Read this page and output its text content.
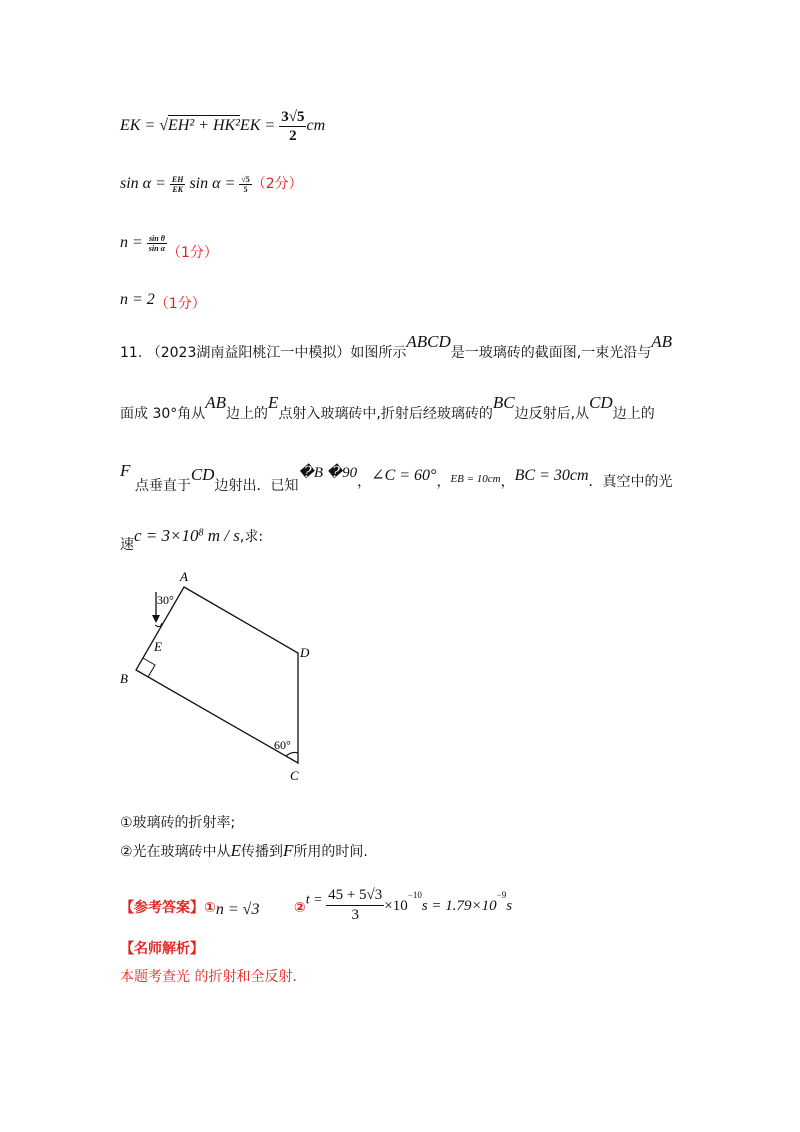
EK = $√EH^2 + HK^2EK = \frac{3√5}{2}$ cm
$\sin \alpha = \frac{EH}{EK}$ $\sin \alpha = \frac{√5}{5} (2$分）
$n = \frac{\text{sin θ}}{\text{sin α}}$
（1分）
n = 2（1分）
11. （2023湖南益阳桃江一中模拟）如图所示ABCD是一玻璃砖的截面图,一束光沿与AB
面成 30°角从AB边上的E点射入玻璃砖中,折射后经玻璃砖的BC边反射后,从CD边上的
F 点垂直于CD边射出．已知�B �90，∠C = 60°，EB = 10cm，BC = 30cm．真空中的光
速$c = 3\times 10^8$ m / s,求:
A
B
C
D
E
30°
60°
①玻璃砖的折射率;
②光在玻璃砖中从E传播到F所用的时间.
【参考答案】①n = √3 ②t = $\frac{45 + 5√3}{3} \times 10^{-10}s = 1.79\times 10^{-9}s$
【名师解析】
本题考查光 的折射和全反射．
